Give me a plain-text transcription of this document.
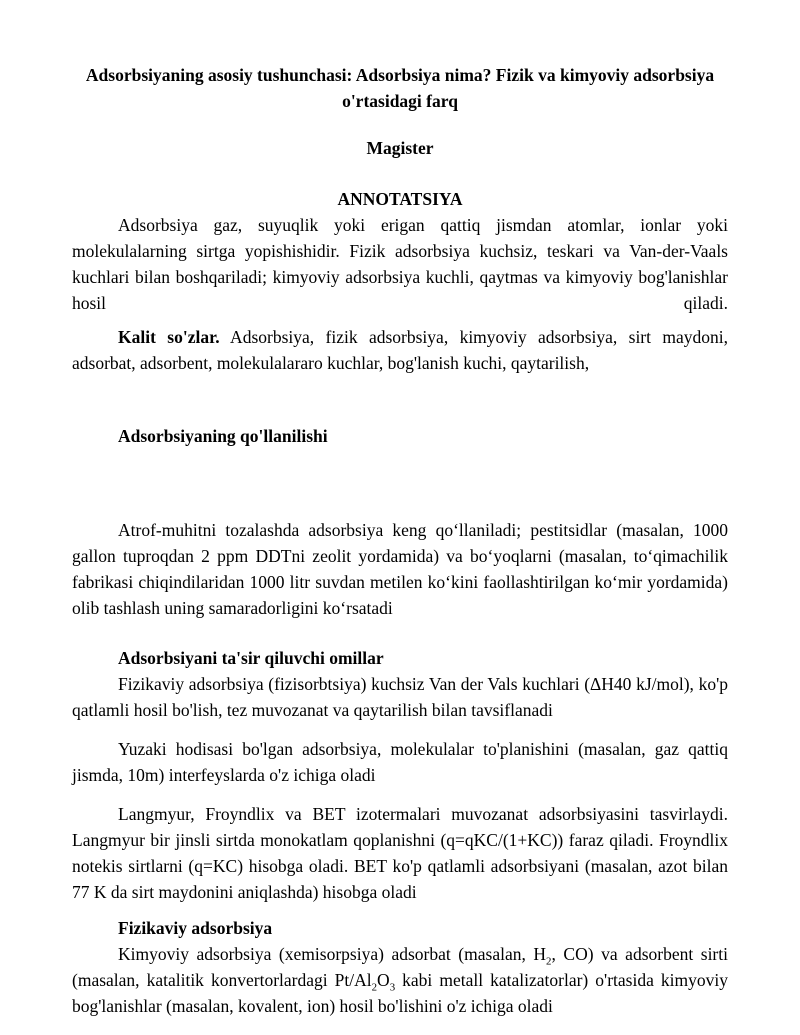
Adsorbsiyaning asosiy tushunchasi: Adsorbsiya nima? Fizik va kimyoviy adsorbsiya o'rtasidagi farq

Magister

ANNOTATSIYA

Adsorbsiya gaz, suyuqlik yoki erigan qattiq jismdan atomlar, ionlar yoki molekulalarning sirtga yopishishidir. Fizik adsorbsiya kuchsiz, teskari va Van-der-Vaals kuchlari bilan boshqariladi; kimyoviy adsorbsiya kuchli, qaytmas va kimyoviy bog'lanishlar hosil qiladi.

Kalit so'zlar. Adsorbsiya, fizik adsorbsiya, kimyoviy adsorbsiya, sirt maydoni, adsorbat, adsorbent, molekulalararo kuchlar, bog'lanish kuchi, qaytarilish,

Adsorbsiyaning qo'llanilishi

Atrof-muhitni tozalashda adsorbsiya keng qo‘llaniladi; pestitsidlar (masalan, 1000 gallon tuproqdan 2 ppm DDTni zeolit yordamida) va bo‘yoqlarni (masalan, to‘qimachilik fabrikasi chiqindilaridan 1000 litr suvdan metilen ko‘kini faollashtirilgan ko‘mir yordamida) olib tashlash uning samaradorligini ko‘rsatadi

Adsorbsiyani ta'sir qiluvchi omillar

Fizikaviy adsorbsiya (fizisorbtsiya) kuchsiz Van der Vals kuchlari (ΔH40 kJ/mol), ko'p qatlamli hosil bo'lish, tez muvozanat va qaytarilish bilan tavsiflanadi

Yuzaki hodisasi bo'lgan adsorbsiya, molekulalar to'planishini (masalan, gaz qattiq jismda, 10m) interfeyslarda o'z ichiga oladi

Langmyur, Froyndlix va BET izotermalari muvozanat adsorbsiyasini tasvirlaydi. Langmyur bir jinsli sirtda monokatlam qoplanishni (q=qKC/(1+KC)) faraz qiladi. Froyndlix notekis sirtlarni (q=KC) hisobga oladi. BET ko'p qatlamli adsorbsiyani (masalan, azot bilan 77 K da sirt maydonini aniqlashda) hisobga oladi

Fizikaviy adsorbsiya

Kimyoviy adsorbsiya (xemisorpsiya) adsorbat (masalan, $H_2$, CO) va adsorbent sirti (masalan, katalitik konvertorlardagi $Pt/Al_2O_3$ kabi metall katalizatorlar) o'rtasida kimyoviy bog'lanishlar (masalan, kovalent, ion) hosil bo'lishini o'z ichiga oladi
